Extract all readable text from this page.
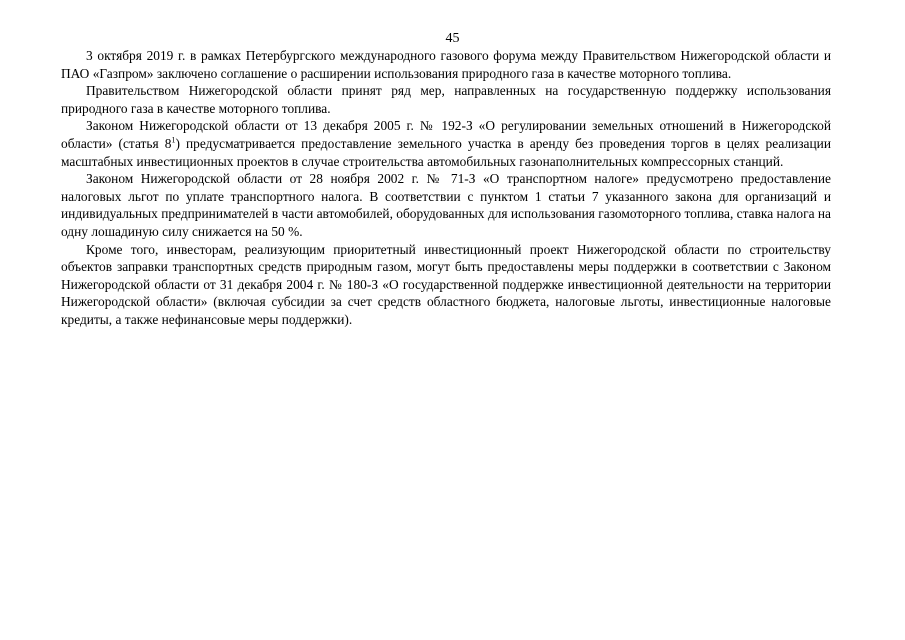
45

3 октября 2019 г. в рамках Петербургского международного газового форума между Правительством Нижегородской области и ПАО «Газпром» заключено соглашение о расширении использования природного газа в качестве моторного топлива.

Правительством Нижегородской области принят ряд мер, направленных на государственную поддержку использования природного газа в качестве моторного топлива.

Законом Нижегородской области от 13 декабря 2005 г. № 192-З «О регулировании земельных отношений в Нижегородской области» (статья $8^1$) предусматривается предоставление земельного участка в аренду без проведения торгов в целях реализации масштабных инвестиционных проектов в случае строительства автомобильных газонаполнительных компрессорных станций.

Законом Нижегородской области от 28 ноября 2002 г. № 71-З «О транспортном налоге» предусмотрено предоставление налоговых льгот по уплате транспортного налога. В соответствии с пунктом 1 статьи 7 указанного закона для организаций и индивидуальных предпринимателей в части автомобилей, оборудованных для использования газомоторного топлива, ставка налога на одну лошадиную силу снижается на 50 %.

Кроме того, инвесторам, реализующим приоритетный инвестиционный проект Нижегородской области по строительству объектов заправки транспортных средств природным газом, могут быть предоставлены меры поддержки в соответствии с Законом Нижегородской области от 31 декабря 2004 г. № 180-З «О государственной поддержке инвестиционной деятельности на территории Нижегородской области» (включая субсидии за счет средств областного бюджета, налоговые льготы, инвестиционные налоговые кредиты, а также нефинансовые меры поддержки).
